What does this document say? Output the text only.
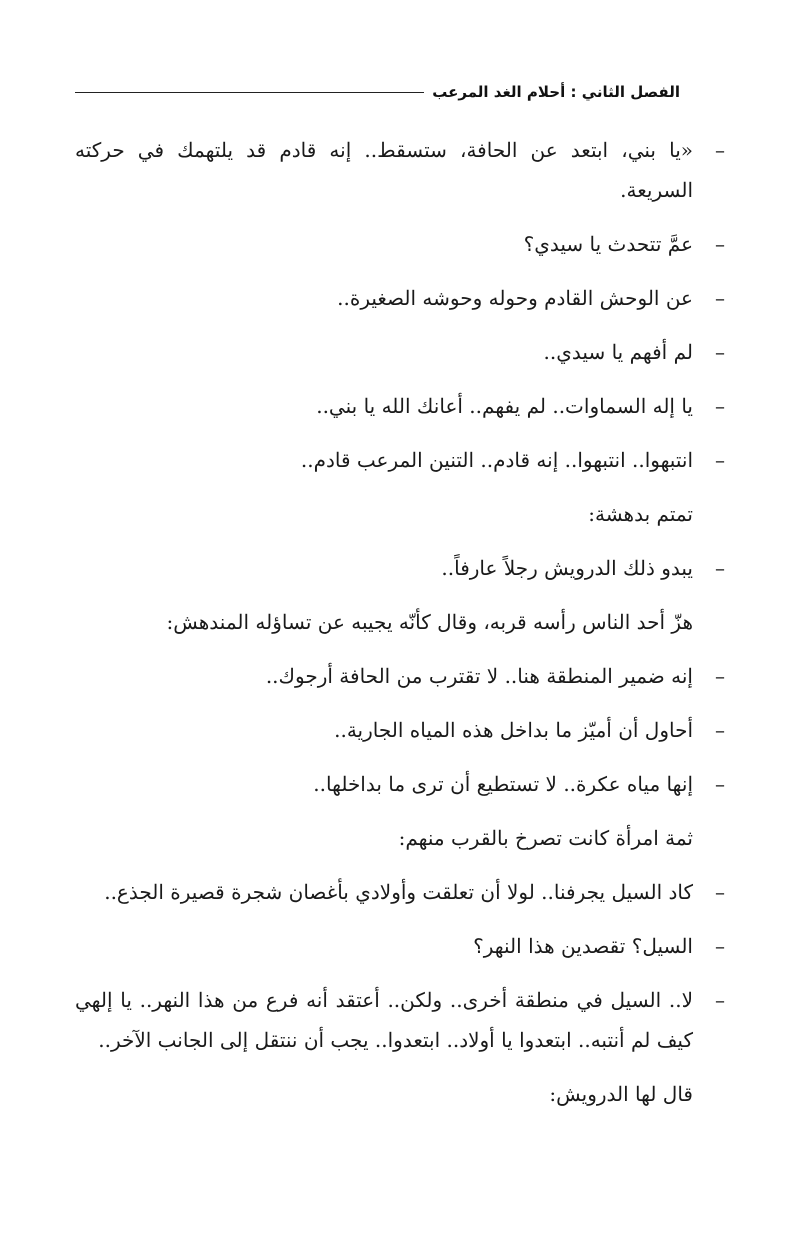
الفصل الثاني : أحلام الغد المرعب
–
«يا بني، ابتعد عن الحافة، ستسقط.. إنه قادم قد يلتهمك في حركته السريعة.
–
عمَّ تتحدث يا سيدي؟
–
عن الوحش القادم وحوله وحوشه الصغيرة..
–
لم أفهم يا سيدي..
–
يا إله السماوات.. لم يفهم.. أعانك الله يا بني..
–
انتبهوا.. انتبهوا.. إنه قادم.. التنين المرعب قادم..
تمتم بدهشة:
–
يبدو ذلك الدرويش رجلاً عارفاً..
هزّ أحد الناس رأسه قربه، وقال كأنّه يجيبه عن تساؤله المندهش:
–
إنه ضمير المنطقة هنا.. لا تقترب من الحافة أرجوك..
–
أحاول أن أميّز ما بداخل هذه المياه الجارية..
–
إنها مياه عكرة.. لا تستطيع أن ترى ما بداخلها..
ثمة امرأة كانت تصرخ بالقرب منهم:
–
كاد السيل يجرفنا.. لولا أن تعلقت وأولادي بأغصان شجرة قصيرة الجذع..
–
السيل؟ تقصدين هذا النهر؟
–
لا.. السيل في منطقة أخرى.. ولكن.. أعتقد أنه فرع من هذا النهر.. يا إلهي كيف لم أنتبه.. ابتعدوا يا أولاد.. ابتعدوا.. يجب أن ننتقل إلى الجانب الآخر..
قال لها الدرويش:
